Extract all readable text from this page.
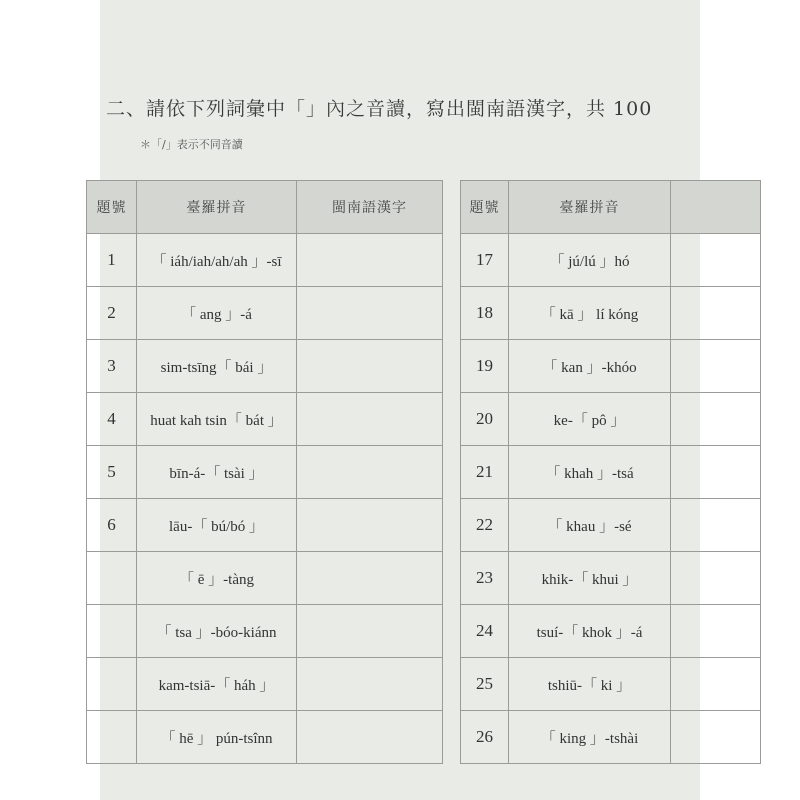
二、請依下列詞彙中「」內之音讀，寫出閩南語漢字，共 100
＊「/」表示不同音讀
題號	臺羅拼音	閩南語漢字
1	「 iáh/iah/ah/ah 」-sī	
2	「 ang 」-á	
3	sim-tsīng「 bái 」	
4	huat kah tsin「 bát 」	
5	bīn-á-「 tsài 」	
6	lāu-「 bú/bó 」	
	「 ē 」-tàng	
	「 tsa 」-bóo-kiánn	
	kam-tsiā-「 háh 」	
	「 hē 」 pún-tsînn	
題號	臺羅拼音	
17	「 jú/lú 」hó	
18	「 kā 」 lí kóng	
19	「 kan 」-khóo	
20	ke-「 pô 」	
21	「 khah 」-tsá	
22	「 khau 」-sé	
23	khik-「 khui 」	
24	tsuí-「 khok 」-á	
25	tshiū-「 ki 」	
26	「 king 」-tshài	
